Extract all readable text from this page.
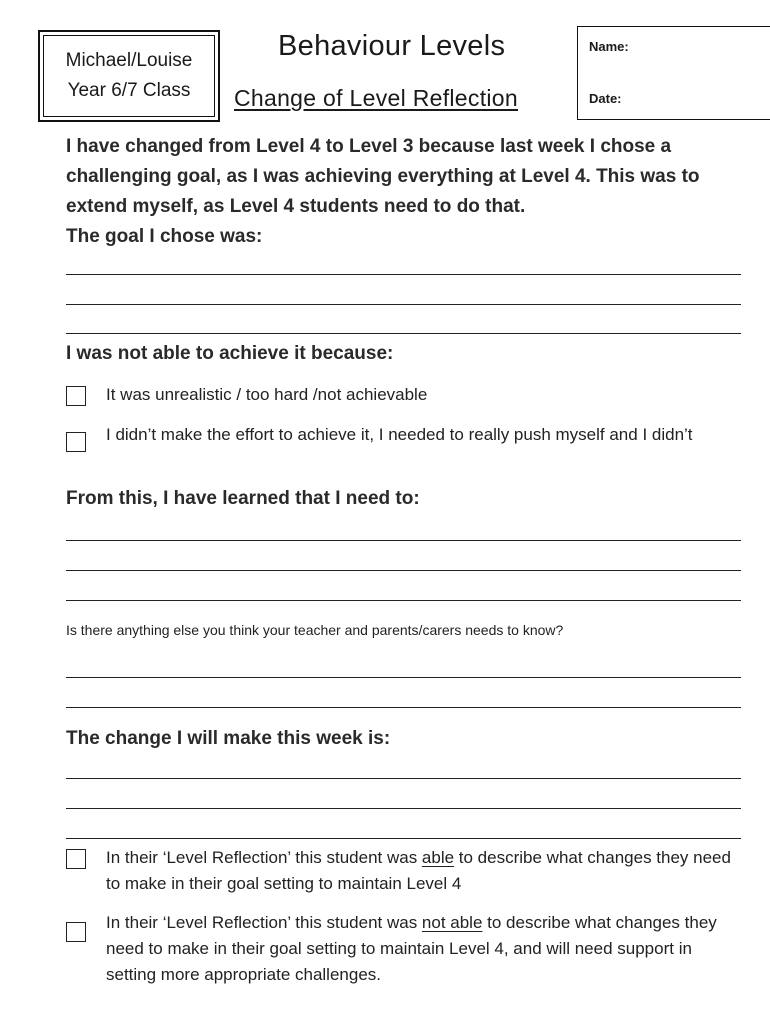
Michael/Louise
Year 6/7 Class
Behaviour Levels
Change of Level Reflection
Name:
Date:
I have changed from Level 4 to Level 3 because last week I chose a challenging goal, as I was achieving everything at Level 4. This was to extend myself, as Level 4 students need to do that.
The goal I chose was:
I was not able to achieve it because:
It was unrealistic / too hard /not achievable
I didn’t make the effort to achieve it, I needed to really push myself and I didn’t
From this, I have learned that I need to:
Is there anything else you think your teacher and parents/carers needs to know?
The change I will make this week is:
In their ‘Level Reflection’ this student was able to describe what changes they need to make in their goal setting to maintain Level 4
In their ‘Level Reflection’ this student was not able to describe what changes they need to make in their goal setting to maintain Level 4, and will need support in setting more appropriate challenges.
